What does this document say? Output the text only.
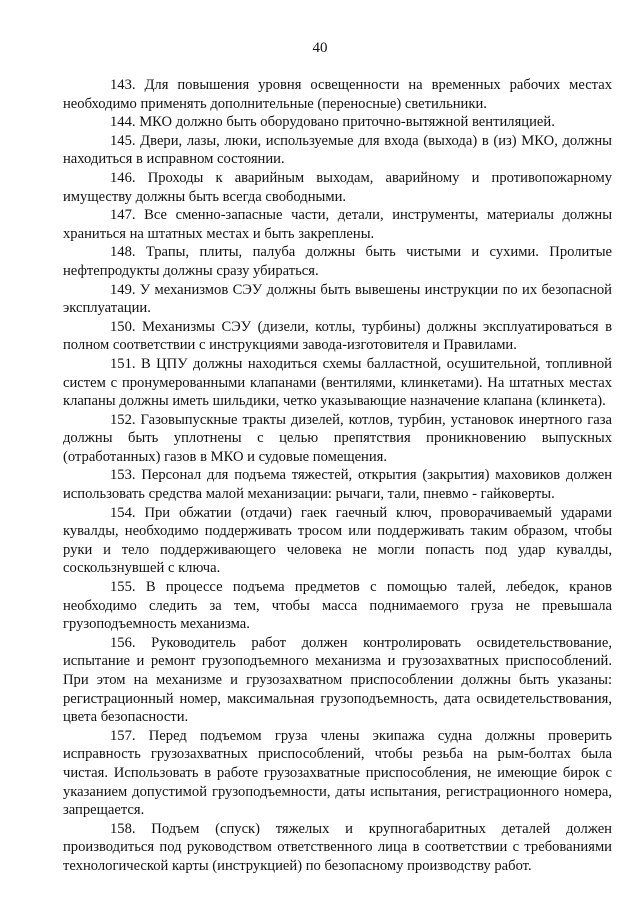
40

143. Для повышения уровня освещенности на временных рабочих местах необходимо применять дополнительные (переносные) светильники.

144. МКО должно быть оборудовано приточно-вытяжной вентиляцией.

145. Двери, лазы, люки, используемые для входа (выхода) в (из) МКО, должны находиться в исправном состоянии.

146. Проходы к аварийным выходам, аварийному и противопожарному имуществу должны быть всегда свободными.

147. Все сменно-запасные части, детали, инструменты, материалы должны храниться на штатных местах и быть закреплены.

148. Трапы, плиты, палуба должны быть чистыми и сухими. Пролитые нефтепродукты должны сразу убираться.

149. У механизмов СЭУ должны быть вывешены инструкции по их безопасной эксплуатации.

150. Механизмы СЭУ (дизели, котлы, турбины) должны эксплуатироваться в полном соответствии с инструкциями завода-изготовителя и Правилами.

151. В ЦПУ должны находиться схемы балластной, осушительной, топливной систем с пронумерованными клапанами (вентилями, клинкетами). На штатных местах клапаны должны иметь шильдики, четко указывающие назначение клапана (клинкета).

152. Газовыпускные тракты дизелей, котлов, турбин, установок инертного газа должны быть уплотнены с целью препятствия проникновению выпускных (отработанных) газов в МКО и судовые помещения.

153. Персонал для подъема тяжестей, открытия (закрытия) маховиков должен использовать средства малой механизации: рычаги, тали, пневмо - гайковерты.

154. При обжатии (отдачи) гаек гаечный ключ, проворачиваемый ударами кувалды, необходимо поддерживать тросом или поддерживать таким образом, чтобы руки и тело поддерживающего человека не могли попасть под удар кувалды, соскользнувшей с ключа.

155. В процессе подъема предметов с помощью талей, лебедок, кранов необходимо следить за тем, чтобы масса поднимаемого груза не превышала грузоподъемность механизма.

156. Руководитель работ должен контролировать освидетельствование, испытание и ремонт грузоподъемного механизма и грузозахватных приспособлений. При этом на механизме и грузозахватном приспособлении должны быть указаны: регистрационный номер, максимальная грузоподъемность, дата освидетельствования, цвета безопасности.

157. Перед подъемом груза члены экипажа судна должны проверить исправность грузозахватных приспособлений, чтобы резьба на рым-болтах была чистая. Использовать в работе грузозахватные приспособления, не имеющие бирок с указанием допустимой грузоподъемности, даты испытания, регистрационного номера, запрещается.

158. Подъем (спуск) тяжелых и крупногабаритных деталей должен производиться под руководством ответственного лица в соответствии с требованиями технологической карты (инструкцией) по безопасному производству работ.
